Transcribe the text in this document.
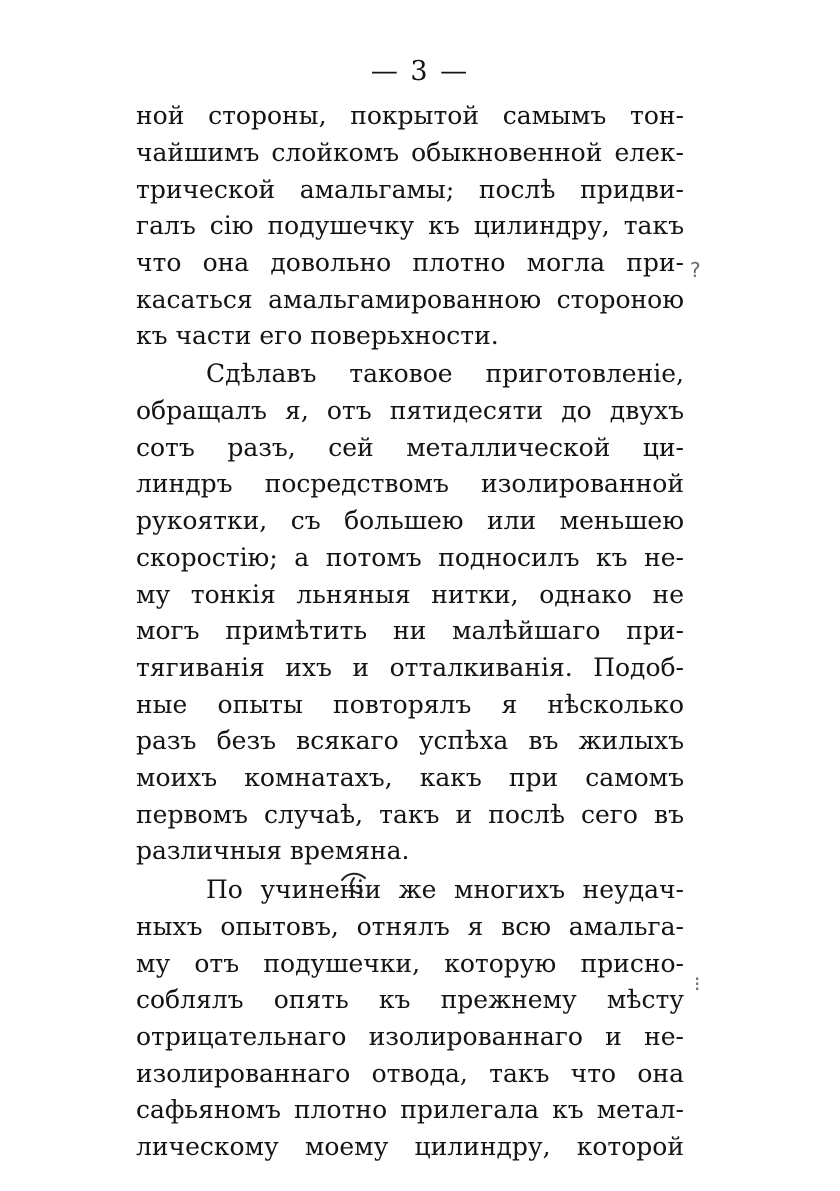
— 3 —
ной стороны, покрытой самымъ тон-
чайшимъ слойкомъ обыкновенной елек-
трической амальгамы; послѣ придви-
галъ сію подушечку къ цилиндру, такъ
что она довольно плотно могла при-
касаться амальгамированною стороною
къ части его поверьхности.
Сдѣлавъ таковое приготовленіе,
обращалъ я, отъ пятидесяти до двухъ
сотъ разъ, сей металлической ци-
линдръ посредствомъ изолированной
рукоятки, съ большею или меньшею
скоростію; а потомъ подносилъ къ не-
му тонкія льняныя нитки, однако не
могъ примѣтить ни малѣйшаго при-
тягиванія ихъ и отталкиванія. Подоб-
ные опыты повторялъ я нѣсколько
разъ безъ всякаго успѣха въ жилыхъ
моихъ комнатахъ, какъ при самомъ
первомъ случаѣ, такъ и послѣ сего въ
различныя времяна.
По учиненіи же многихъ неудач-
ныхъ опытовъ, отнялъ я всю амальга-
му отъ подушечки, которую присно-
соблялъ опять къ прежнему мѣсту
отрицательнаго изолированнаго и не-
изолированнаго отвода, такъ что она
сафьяномъ плотно прилегала къ метал-
лическому моему цилиндру, которой
?
⁝
